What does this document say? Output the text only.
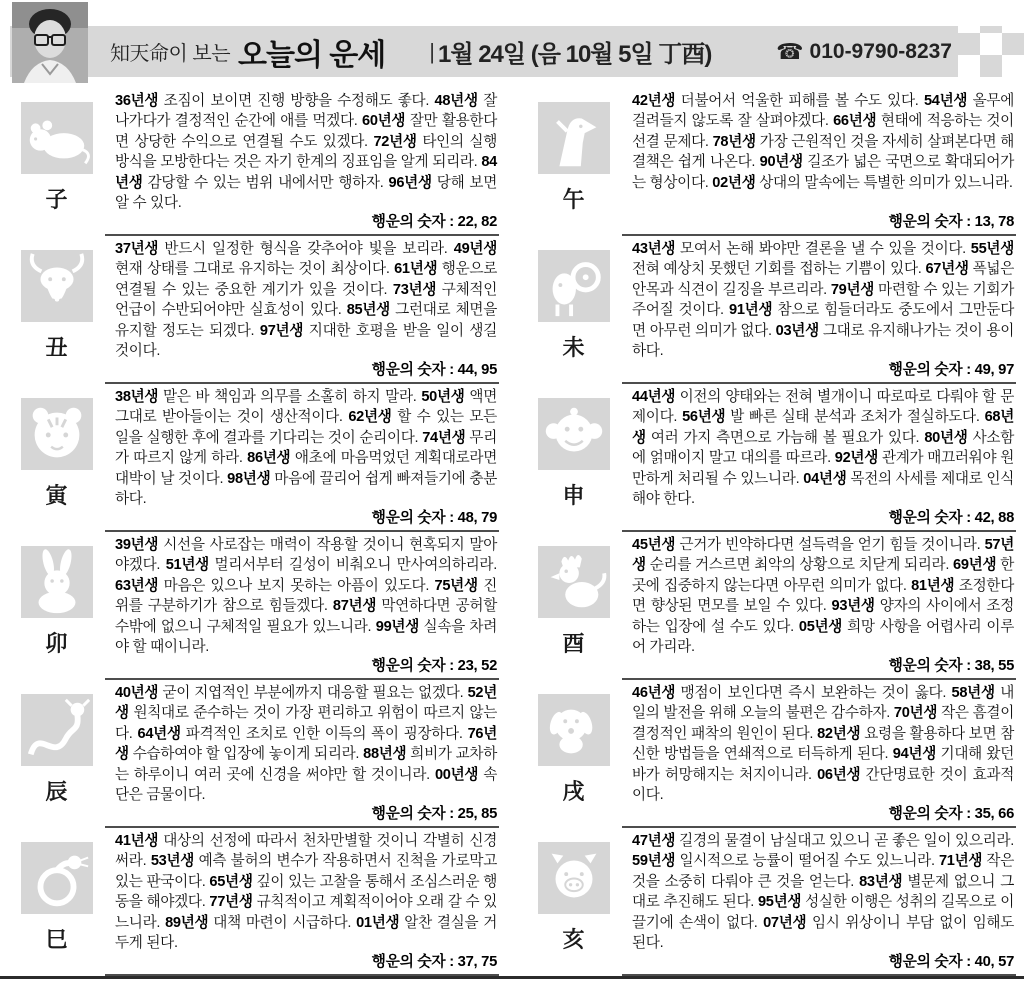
知天命이 보는 오늘의 운세 | 1월 24일 (음 10월 5일 丁酉)	☎ 010-9790-8237
子

36년생 조짐이 보이면 진행 방향을 수정해도 좋다. 48년생 잘 나가다가 결정적인 순간에 애를 먹겠다. 60년생 잘만 활용한다면 상당한 수익으로 연결될 수도 있겠다. 72년생 타인의 실행 방식을 모방한다는 것은 자기 한계의 징표임을 알게 되리라. 84년생 감당할 수 있는 범위 내에서만 행하자. 96년생 당해 보면 알 수 있다.

행운의 숫자 : 22, 82
丑

37년생 반드시 일정한 형식을 갖추어야 빛을 보리라. 49년생 현재 상태를 그대로 유지하는 것이 최상이다. 61년생 행운으로 연결될 수 있는 중요한 계기가 있을 것이다. 73년생 구체적인 언급이 수반되어야만 실효성이 있다. 85년생 그런대로 체면을 유지할 정도는 되겠다. 97년생 지대한 호평을 받을 일이 생길 것이다.

행운의 숫자 : 44, 95
寅

38년생 맡은 바 책임과 의무를 소홀히 하지 말라. 50년생 액면 그대로 받아들이는 것이 생산적이다. 62년생 할 수 있는 모든 일을 실행한 후에 결과를 기다리는 것이 순리이다. 74년생 무리가 따르지 않게 하라. 86년생 애초에 마음먹었던 계획대로라면 대박이 날 것이다. 98년생 마음에 끌리어 쉽게 빠져들기에 충분하다.

행운의 숫자 : 48, 79
卯

39년생 시선을 사로잡는 매력이 작용할 것이니 현혹되지 말아야겠다. 51년생 멀리서부터 길성이 비춰오니 만사여의하리라. 63년생 마음은 있으나 보지 못하는 아픔이 있도다. 75년생 진위를 구분하기가 참으로 힘들겠다. 87년생 막연하다면 공허할 수밖에 없으니 구체적일 필요가 있느니라. 99년생 실속을 차려야 할 때이니라.

행운의 숫자 : 23, 52
辰

40년생 굳이 지엽적인 부분에까지 대응할 필요는 없겠다. 52년생 원칙대로 준수하는 것이 가장 편리하고 위험이 따르지 않는다. 64년생 파격적인 조치로 인한 이득의 폭이 굉장하다. 76년생 수습하여야 할 입장에 놓이게 되리라. 88년생 희비가 교차하는 하루이니 여러 곳에 신경을 써야만 할 것이니라. 00년생 속단은 금물이다.

행운의 숫자 : 25, 85
巳

41년생 대상의 선정에 따라서 천차만별할 것이니 각별히 신경 써라. 53년생 예측 불허의 변수가 작용하면서 진척을 가로막고 있는 판국이다. 65년생 깊이 있는 고찰을 통해서 조심스러운 행동을 해야겠다. 77년생 규칙적이고 계획적이어야 오래 갈 수 있느니라. 89년생 대책 마련이 시급하다. 01년생 알찬 결실을 거두게 된다.

행운의 숫자 : 37, 75
午

42년생 더불어서 억울한 피해를 볼 수도 있다. 54년생 올무에 걸려들지 않도록 잘 살펴야겠다. 66년생 현태에 적응하는 것이 선결 문제다. 78년생 가장 근원적인 것을 자세히 살펴본다면 해결책은 쉽게 나온다. 90년생 길조가 넓은 국면으로 확대되어가는 형상이다. 02년생 상대의 말속에는 특별한 의미가 있느니라.

행운의 숫자 : 13, 78
未

43년생 모여서 논해 봐야만 결론을 낼 수 있을 것이다. 55년생 전혀 예상치 못했던 기회를 접하는 기쁨이 있다. 67년생 폭넓은 안목과 식견이 길징을 부르리라. 79년생 마련할 수 있는 기회가 주어질 것이다. 91년생 참으로 힘들더라도 중도에서 그만둔다면 아무런 의미가 없다. 03년생 그대로 유지해나가는 것이 용이하다.

행운의 숫자 : 49, 97
申

44년생 이전의 양태와는 전혀 별개이니 따로따로 다뤄야 할 문제이다. 56년생 발 빠른 실태 분석과 조처가 절실하도다. 68년생 여러 가지 측면으로 가늠해 볼 필요가 있다. 80년생 사소함에 얽매이지 말고 대의를 따르라. 92년생 관계가 매끄러워야 원만하게 처리될 수 있느니라. 04년생 목전의 사세를 제대로 인식해야 한다.

행운의 숫자 : 42, 88
酉

45년생 근거가 빈약하다면 설득력을 얻기 힘들 것이니라. 57년생 순리를 거스르면 최악의 상황으로 치닫게 되리라. 69년생 한 곳에 집중하지 않는다면 아무런 의미가 없다. 81년생 조정한다면 향상된 면모를 보일 수 있다. 93년생 양자의 사이에서 조정하는 입장에 설 수도 있다. 05년생 희망 사항을 어렵사리 이루어 가리라.

행운의 숫자 : 38, 55
戌

46년생 맹점이 보인다면 즉시 보완하는 것이 옳다. 58년생 내일의 발전을 위해 오늘의 불편은 감수하자. 70년생 작은 흠결이 결정적인 패착의 원인이 된다. 82년생 요령을 활용하다 보면 참신한 방법들을 연쇄적으로 터득하게 된다. 94년생 기대해 왔던 바가 허망해지는 처지이니라. 06년생 간단명료한 것이 효과적이다.

행운의 숫자 : 35, 66
亥

47년생 길경의 물결이 남실대고 있으니 곧 좋은 일이 있으리라. 59년생 일시적으로 능률이 떨어질 수도 있느니라. 71년생 작은 것을 소중히 다뤄야 큰 것을 얻는다. 83년생 별문제 없으니 그대로 추진해도 된다. 95년생 성실한 이행은 성취의 길목으로 이끌기에 손색이 없다. 07년생 임시 위상이니 부담 없이 임해도 된다.

행운의 숫자 : 40, 57
